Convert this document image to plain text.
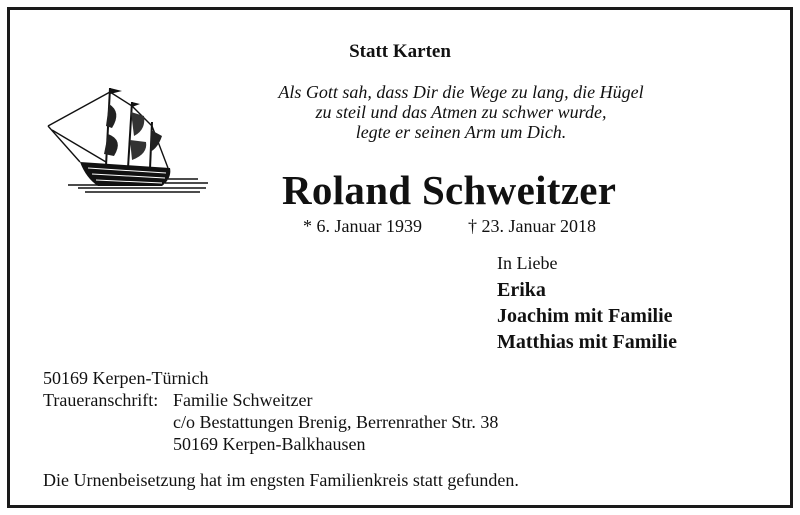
Statt Karten
Als Gott sah, dass Dir die Wege zu lang, die Hügel
zu steil und das Atmen zu schwer wurde,
legte er seinen Arm um Dich.
Roland Schweitzer
* 6. Januar 1939	† 23. Januar 2018
In Liebe
Erika
Joachim mit Familie
Matthias mit Familie
50169 Kerpen-Türnich
Traueranschrift: Familie Schweitzer
c/o Bestattungen Brenig, Berrenrather Str. 38
50169 Kerpen-Balkhausen
Die Urnenbeisetzung hat im engsten Familienkreis statt gefunden.
